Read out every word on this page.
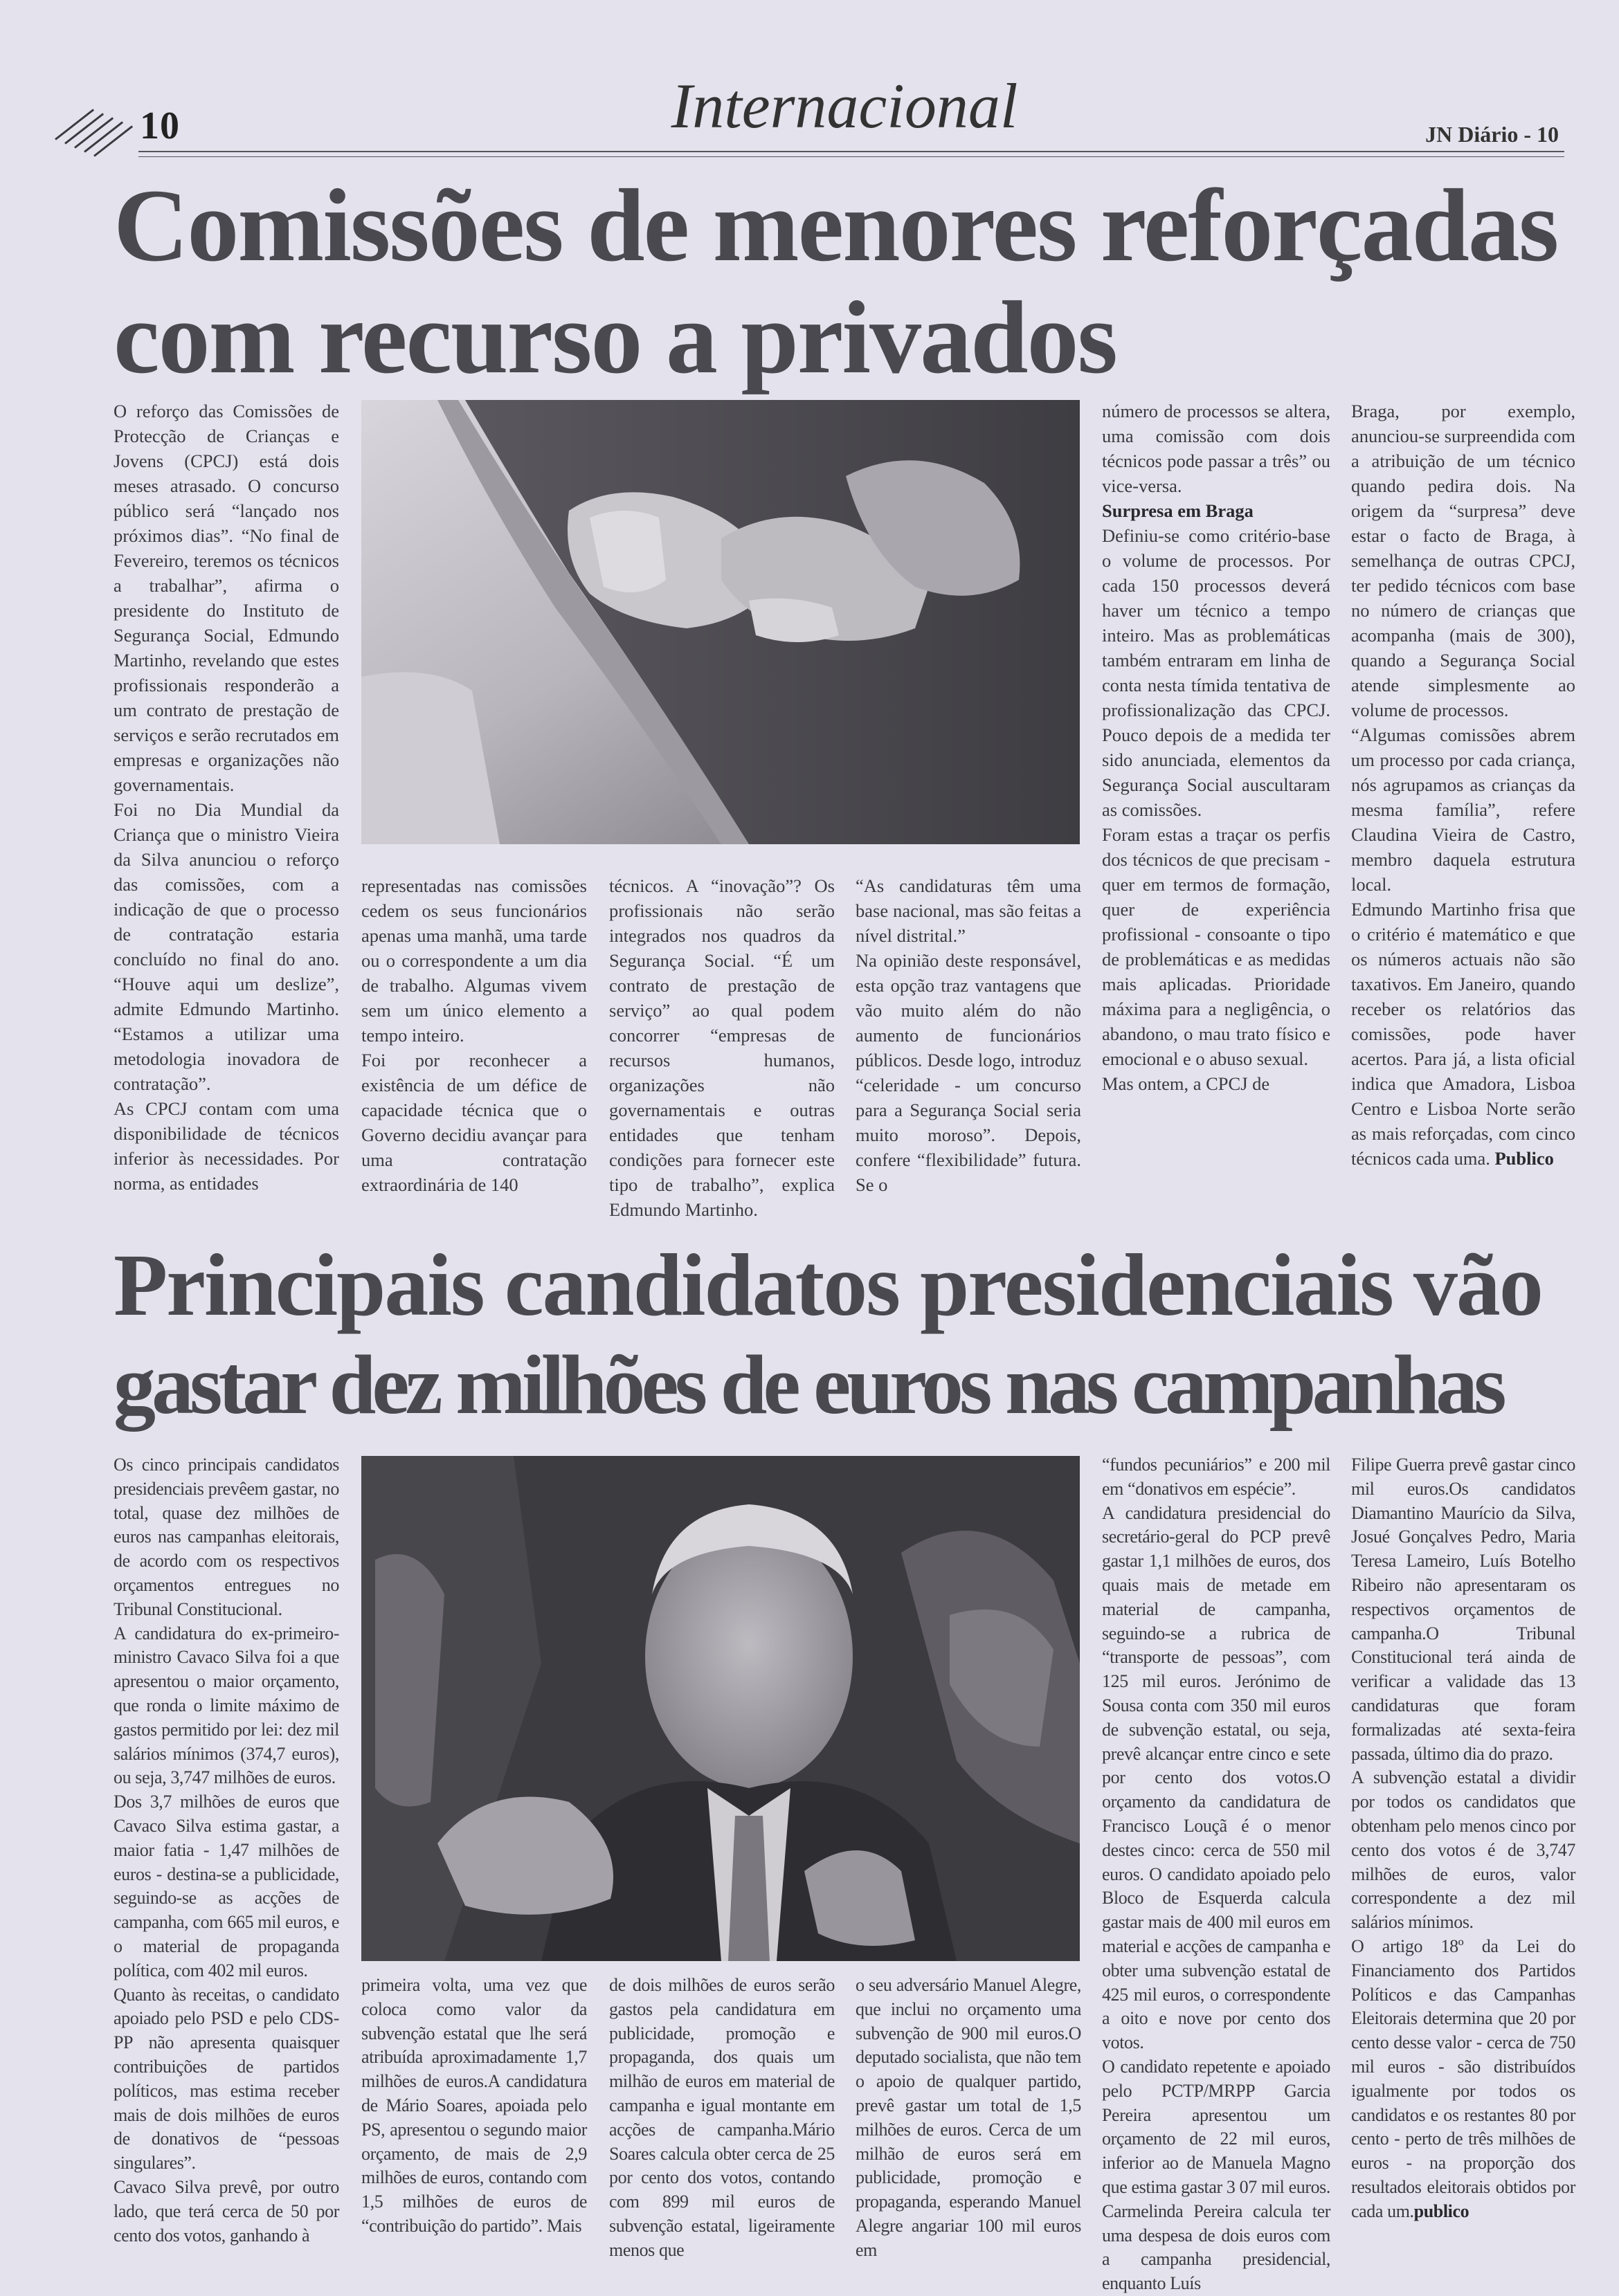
10	Internacional	JN Diário - 10
Comissões de menores reforçadas
com recurso a privados

O reforço das Comissões de Protecção de Crianças e Jovens (CPCJ) está dois meses atrasado. O concurso público será “lançado nos próximos dias”. “No final de Fevereiro, teremos os técnicos a trabalhar”, afirma o presidente do Instituto de Segurança Social, Edmundo Martinho, revelando que estes profissionais responderão a um contrato de prestação de serviços e serão recrutados em empresas e organizações não governamentais.

Foi no Dia Mundial da Criança que o ministro Vieira da Silva anunciou o reforço das comissões, com a indicação de que o processo de contratação estaria concluído no final do ano. “Houve aqui um deslize”, admite Edmundo Martinho. “Estamos a utilizar uma metodologia inovadora de contratação”.

As CPCJ contam com uma disponibilidade de técnicos inferior às necessidades. Por norma, as entidades

representadas nas comissões cedem os seus funcionários apenas uma manhã, uma tarde ou o correspondente a um dia de trabalho. Algumas vivem sem um único elemento a tempo inteiro.

Foi por reconhecer a existência de um défice de capacidade técnica que o Governo decidiu avançar para uma contratação extraordinária de 140

técnicos. A “inovação”? Os profissionais não serão integrados nos quadros da Segurança Social. “É um contrato de prestação de serviço” ao qual podem concorrer “empresas de recursos humanos, organizações não governamentais e outras entidades que tenham condições para fornecer este tipo de trabalho”, explica Edmundo Martinho.

“As candidaturas têm uma base nacional, mas são feitas a nível distrital.”

Na opinião deste responsável, esta opção traz vantagens que vão muito além do não aumento de funcionários públicos. Desde logo, introduz “celeridade - um concurso para a Segurança Social seria muito moroso”. Depois, confere “flexibilidade” futura. Se o

número de processos se altera, uma comissão com dois técnicos pode passar a três” ou vice-versa.

Surpresa em Braga

Definiu-se como critério-base o volume de processos. Por cada 150 processos deverá haver um técnico a tempo inteiro. Mas as problemáticas também entraram em linha de conta nesta tímida tentativa de profissionalização das CPCJ. Pouco depois de a medida ter sido anunciada, elementos da Segurança Social auscultaram as comissões.

Foram estas a traçar os perfis dos técnicos de que precisam - quer em termos de formação, quer de experiência profissional - consoante o tipo de problemáticas e as medidas mais aplicadas. Prioridade máxima para a negligência, o abandono, o mau trato físico e emocional e o abuso sexual.

Mas ontem, a CPCJ de

Braga, por exemplo, anunciou-se surpreendida com a atribuição de um técnico quando pedira dois. Na origem da “surpresa” deve estar o facto de Braga, à semelhança de outras CPCJ, ter pedido técnicos com base no número de crianças que acompanha (mais de 300), quando a Segurança Social atende simplesmente ao volume de processos.

“Algumas comissões abrem um processo por cada criança, nós agrupamos as crianças da mesma família”, refere Claudina Vieira de Castro, membro daquela estrutura local.

Edmundo Martinho frisa que o critério é matemático e que os números actuais não são taxativos. Em Janeiro, quando receber os relatórios das comissões, pode haver acertos. Para já, a lista oficial indica que Amadora, Lisboa Centro e Lisboa Norte serão as mais reforçadas, com cinco técnicos cada uma. Publico

Principais candidatos presidenciais vão
gastar dez milhões de euros nas campanhas

Os cinco principais candidatos presidenciais prevêem gastar, no total, quase dez milhões de euros nas campanhas eleitorais, de acordo com os respectivos orçamentos entregues no Tribunal Constitucional.

A candidatura do ex-primeiro-ministro Cavaco Silva foi a que apresentou o maior orçamento, que ronda o limite máximo de gastos permitido por lei: dez mil salários mínimos (374,7 euros), ou seja, 3,747 milhões de euros.

Dos 3,7 milhões de euros que Cavaco Silva estima gastar, a maior fatia - 1,47 milhões de euros - destina-se a publicidade, seguindo-se as acções de campanha, com 665 mil euros, e o material de propaganda política, com 402 mil euros.

Quanto às receitas, o candidato apoiado pelo PSD e pelo CDS-PP não apresenta quaisquer contribuições de partidos políticos, mas estima receber mais de dois milhões de euros de donativos de “pessoas singulares”.

Cavaco Silva prevê, por outro lado, que terá cerca de 50 por cento dos votos, ganhando à

primeira volta, uma vez que coloca como valor da subvenção estatal que lhe será atribuída aproximadamente 1,7 milhões de euros.A candidatura de Mário Soares, apoiada pelo PS, apresentou o segundo maior orçamento, de mais de 2,9 milhões de euros, contando com 1,5 milhões de euros de “contribuição do partido”. Mais

de dois milhões de euros serão gastos pela candidatura em publicidade, promoção e propaganda, dos quais um milhão de euros em material de campanha e igual montante em acções de campanha.Mário Soares calcula obter cerca de 25 por cento dos votos, contando com 899 mil euros de subvenção estatal, ligeiramente menos que

o seu adversário Manuel Alegre, que inclui no orçamento uma subvenção de 900 mil euros.O deputado socialista, que não tem o apoio de qualquer partido, prevê gastar um total de 1,5 milhões de euros. Cerca de um milhão de euros será em publicidade, promoção e propaganda, esperando Manuel Alegre angariar 100 mil euros em

“fundos pecuniários” e 200 mil em “donativos em espécie”.

A candidatura presidencial do secretário-geral do PCP prevê gastar 1,1 milhões de euros, dos quais mais de metade em material de campanha, seguindo-se a rubrica de “transporte de pessoas”, com 125 mil euros. Jerónimo de Sousa conta com 350 mil euros de subvenção estatal, ou seja, prevê alcançar entre cinco e sete por cento dos votos.O orçamento da candidatura de Francisco Louçã é o menor destes cinco: cerca de 550 mil euros. O candidato apoiado pelo Bloco de Esquerda calcula gastar mais de 400 mil euros em material e acções de campanha e obter uma subvenção estatal de 425 mil euros, o correspondente a oito e nove por cento dos votos.

O candidato repetente e apoiado pelo PCTP/MRPP Garcia Pereira apresentou um orçamento de 22 mil euros, inferior ao de Manuela Magno que estima gastar 3 07 mil euros. Carmelinda Pereira calcula ter uma despesa de dois euros com a campanha presidencial, enquanto Luís

Filipe Guerra prevê gastar cinco mil euros.Os candidatos Diamantino Maurício da Silva, Josué Gonçalves Pedro, Maria Teresa Lameiro, Luís Botelho Ribeiro não apresentaram os respectivos orçamentos de campanha.O Tribunal Constitucional terá ainda de verificar a validade das 13 candidaturas que foram formalizadas até sexta-feira passada, último dia do prazo.

A subvenção estatal a dividir por todos os candidatos que obtenham pelo menos cinco por cento dos votos é de 3,747 milhões de euros, valor correspondente a dez mil salários mínimos.

O artigo 18º da Lei do Financiamento dos Partidos Políticos e das Campanhas Eleitorais determina que 20 por cento desse valor - cerca de 750 mil euros - são distribuídos igualmente por todos os candidatos e os restantes 80 por cento - perto de três milhões de euros - na proporção dos resultados eleitorais obtidos por cada um.publico
